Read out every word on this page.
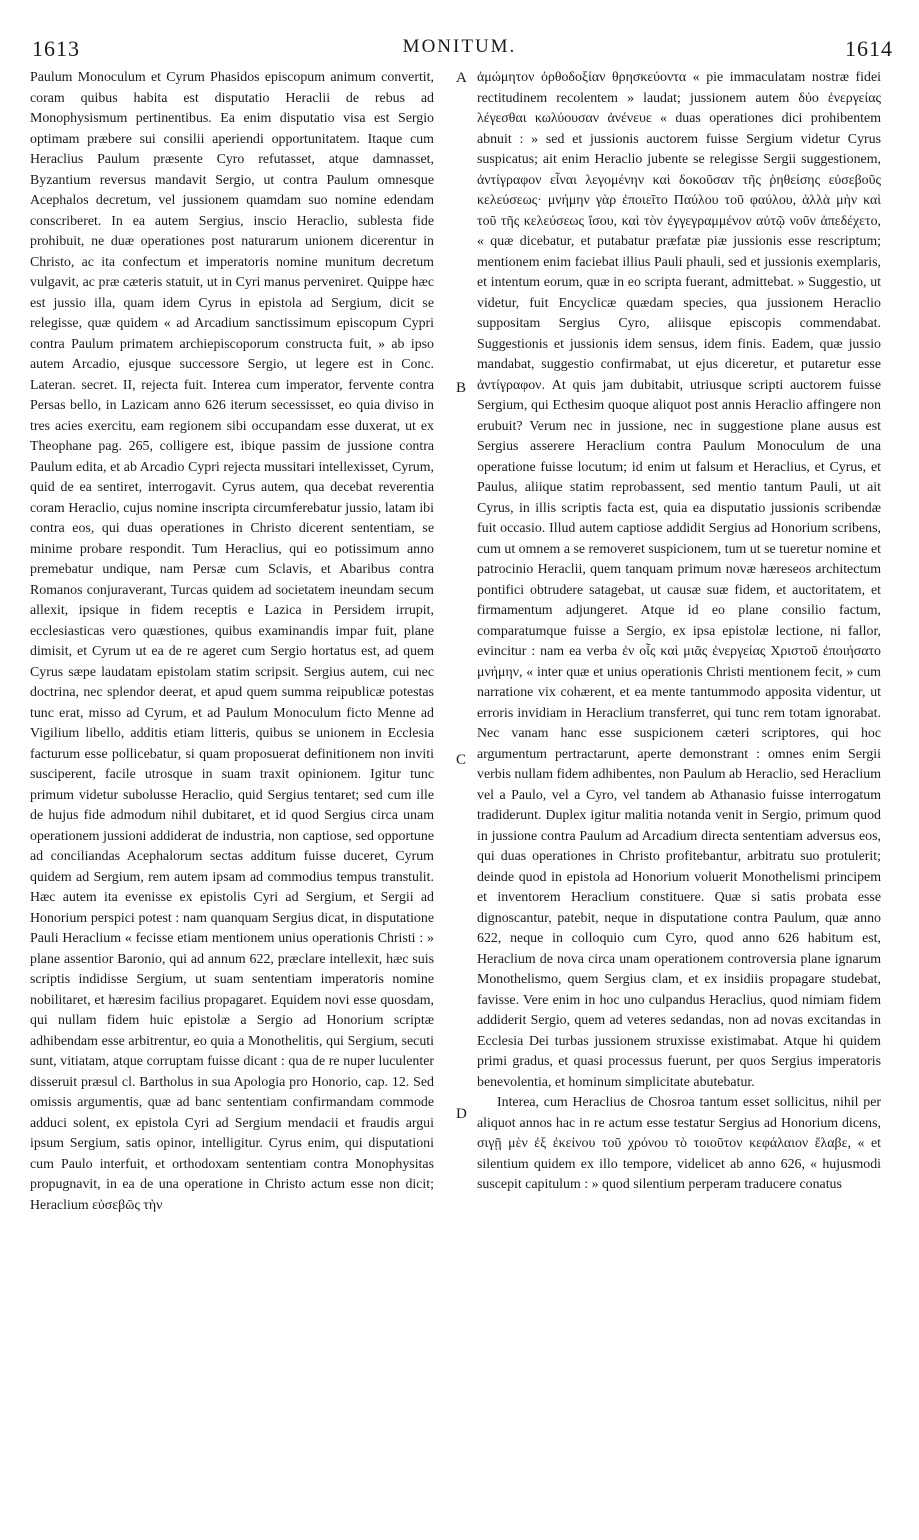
1613	MONITUM.	1614

Paulum Monoculum et Cyrum Phasidos episcopum animum convertit, coram quibus habita est disputatio Heraclii de rebus ad Monophysismum pertinentibus. Ea enim disputatio visa est Sergio optimam præbere sui consilii aperiendi opportunitatem. Itaque cum Heraclius Paulum præsente Cyro refutasset, atque damnasset, Byzantium reversus mandavit Sergio, ut contra Paulum omnesque Acephalos decretum, vel jussionem quamdam suo nomine edendam conscriberet. In ea autem Sergius, inscio Heraclio, sublesta fide prohibuit, ne duæ operationes post naturarum unionem dicerentur in Christo, ac ita confectum et imperatoris nomine munitum decretum vulgavit, ac præ cæteris statuit, ut in Cyri manus perveniret. Quippe hæc est jussio illa, quam idem Cyrus in epistola ad Sergium, dicit se relegisse, quæ quidem « ad Arcadium sanctissimum episcopum Cypri contra Paulum primatem archiepiscoporum constructa fuit, » ab ipso autem Arcadio, ejusque successore Sergio, ut legere est in Conc. Lateran. secret. II, rejecta fuit. Interea cum imperator, fervente contra Persas bello, in Lazicam anno 626 iterum secessisset, eo quia diviso in tres acies exercitu, eam regionem sibi occupandam esse duxerat, ut ex Theophane pag. 265, colligere est, ibique passim de jussione contra Paulum edita, et ab Arcadio Cypri rejecta mussitari intellexisset, Cyrum, quid de ea sentiret, interrogavit. Cyrus autem, qua decebat reverentia coram Heraclio, cujus nomine inscripta circumferebatur jussio, latam ibi contra eos, qui duas operationes in Christo dicerent sententiam, se minime probare respondit. Tum Heraclius, qui eo potissimum anno premebatur undique, nam Persæ cum Sclavis, et Abaribus contra Romanos conjuraverant, Turcas quidem ad societatem ineundam secum allexit, ipsique in fidem receptis e Lazica in Persidem irrupit, ecclesiasticas vero quæstiones, quibus examinandis impar fuit, plane dimisit, et Cyrum ut ea de re ageret cum Sergio hortatus est, ad quem Cyrus sæpe laudatam epistolam statim scripsit. Sergius autem, cui nec doctrina, nec splendor deerat, et apud quem summa reipublicæ potestas tunc erat, misso ad Cyrum, et ad Paulum Monoculum ficto Menne ad Vigilium libello, additis etiam litteris, quibus se unionem in Ecclesia facturum esse pollicebatur, si quam proposuerat definitionem non inviti susciperent, facile utrosque in suam traxit opinionem. Igitur tunc primum videtur subolusse Heraclio, quid Sergius tentaret; sed cum ille de hujus fide admodum nihil dubitaret, et id quod Sergius circa unam operationem jussioni addiderat de industria, non captiose, sed opportune ad conciliandas Acephalorum sectas additum fuisse duceret, Cyrum quidem ad Sergium, rem autem ipsam ad commodius tempus transtulit. Hæc autem ita evenisse ex epistolis Cyri ad Sergium, et Sergii ad Honorium perspici potest : nam quanquam Sergius dicat, in disputatione Pauli Heraclium « fecisse etiam mentionem unius operationis Christi : » plane assentior Baronio, qui ad annum 622, præclare intellexit, hæc suis scriptis indidisse Sergium, ut suam sententiam imperatoris nomine nobilitaret, et hæresim facilius propagaret. Equidem novi esse quosdam, qui nullam fidem huic epistolæ a Sergio ad Honorium scriptæ adhibendam esse arbitrentur, eo quia a Monothelitis, qui Sergium, secuti sunt, vitiatam, atque corruptam fuisse dicant : qua de re nuper luculenter disseruit præsul cl. Bartholus in sua Apologia pro Honorio, cap. 12. Sed omissis argumentis, quæ ad banc sententiam confirmandam commode adduci solent, ex epistola Cyri ad Sergium mendacii et fraudis argui ipsum Sergium, satis opinor, intelligitur. Cyrus enim, qui disputationi cum Paulo interfuit, et orthodoxam sententiam contra Monophysitas propugnavit, in ea de una operatione in Christo actum esse non dicit; Heraclium εὐσεβῶς τὴν

A
B
C
D

ἀμώμητον ὀρθοδοξίαν θρησκεύοντα « pie immaculatam nostræ fidei rectitudinem recolentem » laudat; jussionem autem δύο ἐνεργείας λέγεσθαι κωλύουσαν ἀνένευε « duas operationes dici prohibentem abnuit : » sed et jussionis auctorem fuisse Sergium videtur Cyrus suspicatus; ait enim Heraclio jubente se relegisse Sergii suggestionem, ἀντίγραφον εἶναι λεγομένην καὶ δοκοῦσαν τῆς ῥηθείσης εὐσεβοῦς κελεύσεως· μνήμην γὰρ ἐποιεῖτο Παύλου τοῦ φαύλου, ἀλλὰ μὴν καὶ τοῦ τῆς κελεύσεως ἴσου, καὶ τὸν ἐγγεγραμμένον αὐτῷ νοῦν ἀπεδέχετο, « quæ dicebatur, et putabatur præfatæ piæ jussionis esse rescriptum; mentionem enim faciebat illius Pauli phauli, sed et jussionis exemplaris, et intentum eorum, quæ in eo scripta fuerant, admittebat. » Suggestio, ut videtur, fuit Encyclicæ quædam species, qua jussionem Heraclio suppositam Sergius Cyro, aliisque episcopis commendabat. Suggestionis et jussionis idem sensus, idem finis. Eadem, quæ jussio mandabat, suggestio confirmabat, ut ejus diceretur, et putaretur esse ἀντίγραφον. At quis jam dubitabit, utriusque scripti auctorem fuisse Sergium, qui Ecthesim quoque aliquot post annis Heraclio affingere non erubuit? Verum nec in jussione, nec in suggestione plane ausus est Sergius asserere Heraclium contra Paulum Monoculum de una operatione fuisse locutum; id enim ut falsum et Heraclius, et Cyrus, et Paulus, aliique statim reprobassent, sed mentio tantum Pauli, ut ait Cyrus, in illis scriptis facta est, quia ea disputatio jussionis scribendæ fuit occasio. Illud autem captiose addidit Sergius ad Honorium scribens, cum ut omnem a se removeret suspicionem, tum ut se tueretur nomine et patrocinio Heraclii, quem tanquam primum novæ hæreseos architectum pontifici obtrudere satagebat, ut causæ suæ fidem, et auctoritatem, et firmamentum adjungeret. Atque id eo plane consilio factum, comparatumque fuisse a Sergio, ex ipsa epistolæ lectione, ni fallor, evincitur : nam ea verba ἐν οἷς καὶ μιᾶς ἐνεργείας Χριστοῦ ἐποιήσατο μνήμην, « inter quæ et unius operationis Christi mentionem fecit, » cum narratione vix cohærent, et ea mente tantummodo apposita videntur, ut erroris invidiam in Heraclium transferret, qui tunc rem totam ignorabat. Nec vanam hanc esse suspicionem cæteri scriptores, qui hoc argumentum pertractarunt, aperte demonstrant : omnes enim Sergii verbis nullam fidem adhibentes, non Paulum ab Heraclio, sed Heraclium vel a Paulo, vel a Cyro, vel tandem ab Athanasio fuisse interrogatum tradiderunt. Duplex igitur malitia notanda venit in Sergio, primum quod in jussione contra Paulum ad Arcadium directa sententiam adversus eos, qui duas operationes in Christo profitebantur, arbitratu suo protulerit; deinde quod in epistola ad Honorium voluerit Monothelismi principem et inventorem Heraclium constituere. Quæ si satis probata esse dignoscantur, patebit, neque in disputatione contra Paulum, quæ anno 622, neque in colloquio cum Cyro, quod anno 626 habitum est, Heraclium de nova circa unam operationem controversia plane ignarum Monothelismo, quem Sergius clam, et ex insidiis propagare studebat, favisse. Vere enim in hoc uno culpandus Heraclius, quod nimiam fidem addiderit Sergio, quem ad veteres sedandas, non ad novas excitandas in Ecclesia Dei turbas jussionem struxisse existimabat. Atque hi quidem primi gradus, et quasi processus fuerunt, per quos Sergius imperatoris benevolentia, et hominum simplicitate abutebatur.

Interea, cum Heraclius de Chosroa tantum esset sollicitus, nihil per aliquot annos hac in re actum esse testatur Sergius ad Honorium dicens, σιγῇ μὲν ἐξ ἐκείνου τοῦ χρόνου τὸ τοιοῦτον κεφάλαιον ἔλαβε, « et silentium quidem ex illo tempore, videlicet ab anno 626, « hujusmodi suscepit capitulum : » quod silentium perperam traducere conatus
